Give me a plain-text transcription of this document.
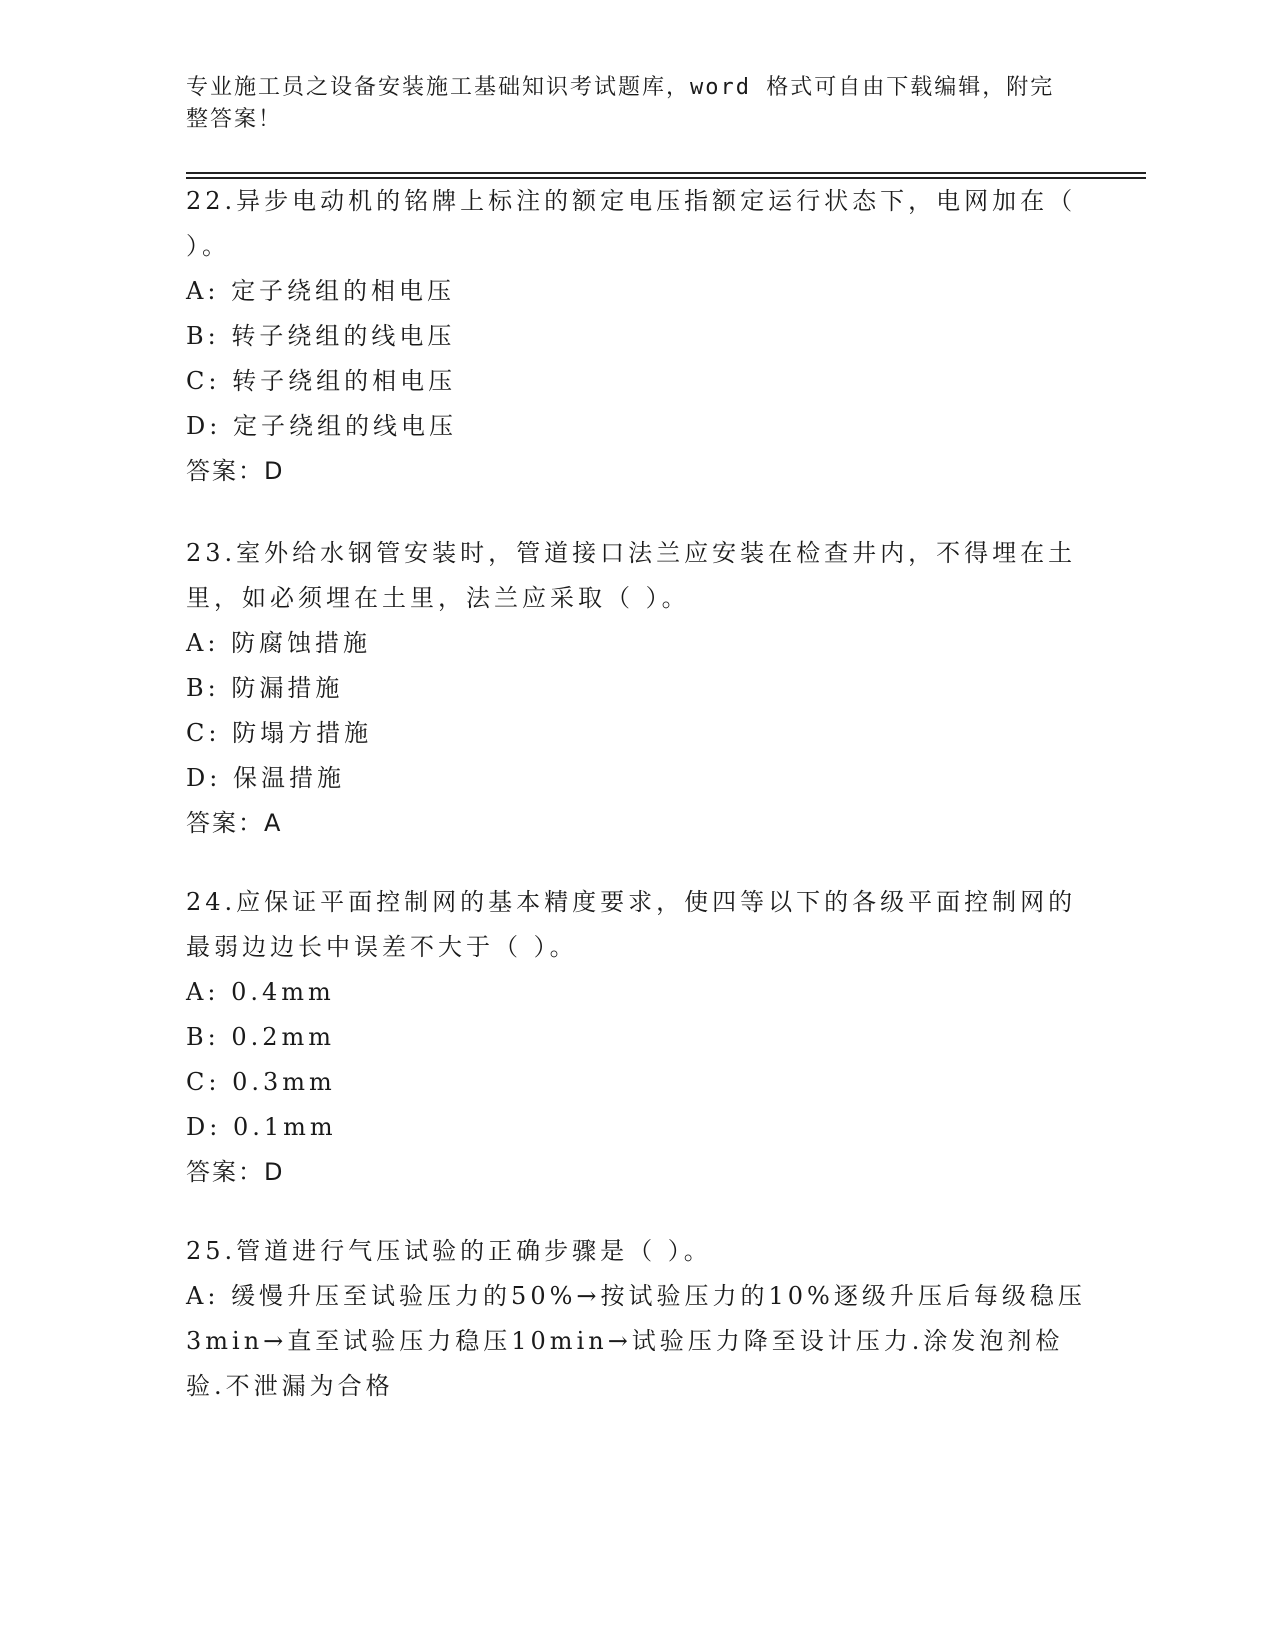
专业施工员之设备安装施工基础知识考试题库，word 格式可自由下载编辑，附完整答案！
22.异步电动机的铭牌上标注的额定电压指额定运行状态下，电网加在（ ）。
A: 定子绕组的相电压
B: 转子绕组的线电压
C: 转子绕组的相电压
D: 定子绕组的线电压
答案：D
23.室外给水钢管安装时，管道接口法兰应安装在检查井内，不得埋在土里，如必须埋在土里，法兰应采取（ ）。
A: 防腐蚀措施
B: 防漏措施
C: 防塌方措施
D: 保温措施
答案：A
24.应保证平面控制网的基本精度要求，使四等以下的各级平面控制网的最弱边边长中误差不大于（ ）。
A: 0.4mm
B: 0.2mm
C: 0.3mm
D: 0.1mm
答案：D
25.管道进行气压试验的正确步骤是（ ）。
A: 缓慢升压至试验压力的50%→按试验压力的10%逐级升压后每级稳压3min→直至试验压力稳压10min→试验压力降至设计压力.涂发泡剂检验.不泄漏为合格
